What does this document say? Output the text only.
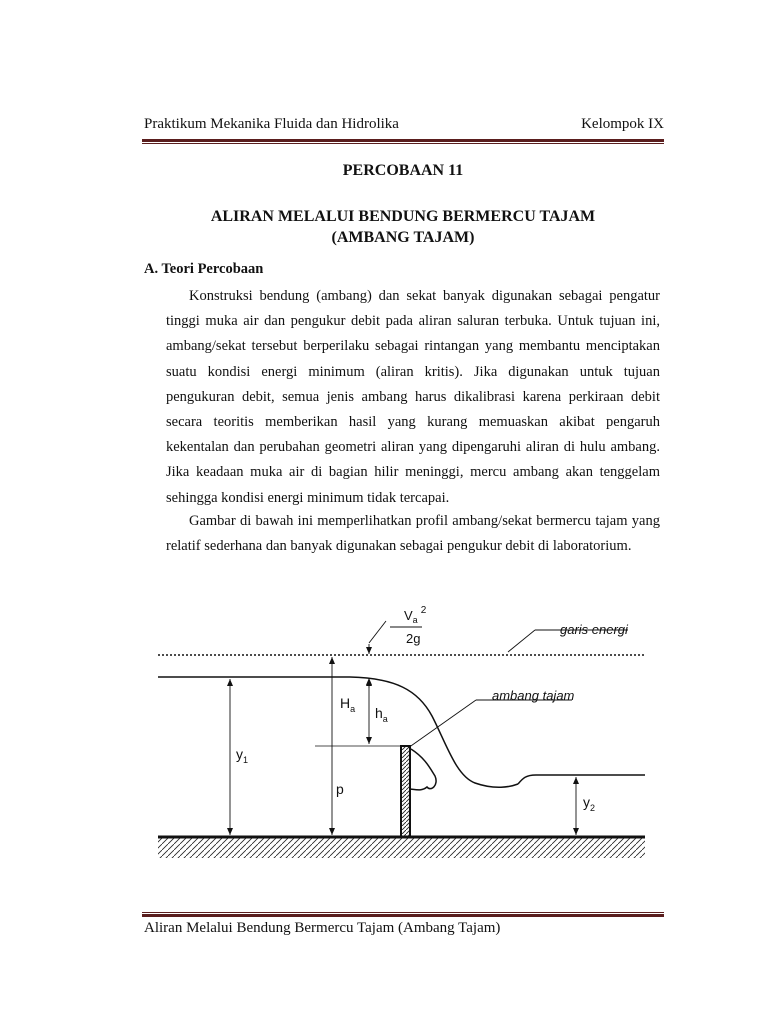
Praktikum Mekanika Fluida dan Hidrolika	Kelompok IX
PERCOBAAN 11
ALIRAN MELALUI BENDUNG BERMERCU TAJAM
(AMBANG TAJAM)
A. Teori Percobaan

Konstruksi bendung (ambang) dan sekat banyak digunakan sebagai pengatur tinggi muka air dan pengukur debit pada aliran saluran terbuka. Untuk tujuan ini, ambang/sekat tersebut berperilaku sebagai rintangan yang membantu menciptakan suatu kondisi energi minimum (aliran kritis). Jika digunakan untuk tujuan pengukuran debit, semua jenis ambang harus dikalibrasi karena perkiraan debit secara teoritis memberikan hasil yang kurang memuaskan akibat pengaruh kekentalan dan perubahan geometri aliran yang dipengaruhi aliran di hulu ambang. Jika keadaan muka air di bagian hilir meninggi, mercu ambang akan tenggelam sehingga kondisi energi minimum tidak tercapai.

Gambar di bawah ini memperlihatkan profil ambang/sekat bermercu tajam yang relatif sederhana dan banyak digunakan sebagai pengukur debit di laboratorium.

$V_a^2$
2g
garis energi
ambang tajam
$H_a$ $h_a$
$y_1$
p
$y_2$
Aliran Melalui Bendung Bermercu Tajam (Ambang Tajam)
